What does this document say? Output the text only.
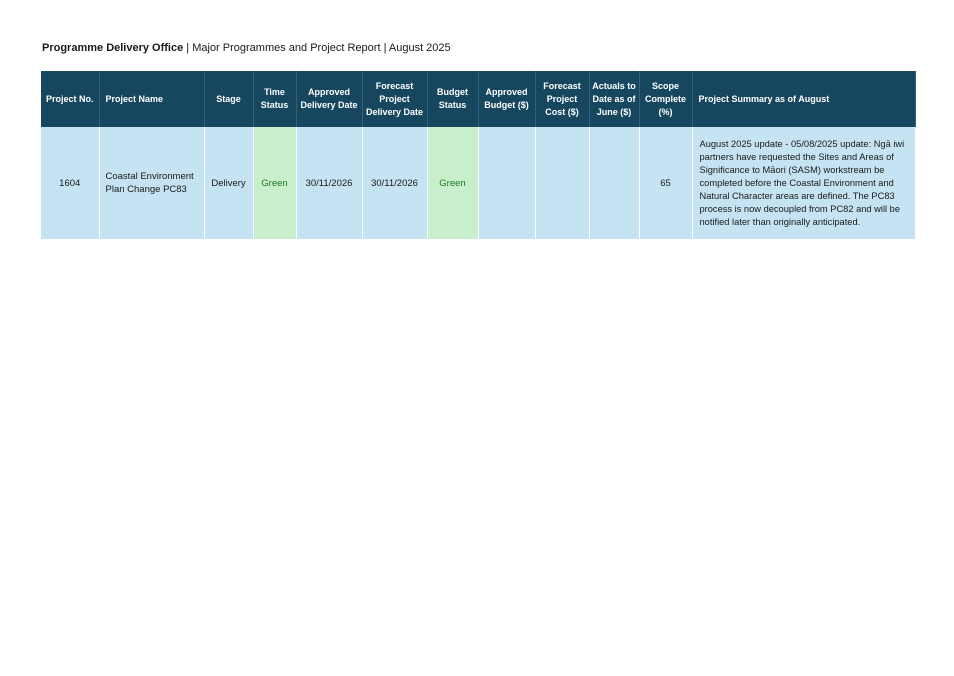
Programme Delivery Office | Major Programmes and Project Report | August 2025
Project No.	Project Name	Stage	Time Status	Approved Delivery Date	Forecast Project Delivery Date	Budget Status	Approved Budget ($)	Forecast Project Cost ($)	Actuals to Date as of June ($)	Scope Complete (%)	Project Summary as of August
1604	Coastal Environment Plan Change PC83	Delivery	Green	30/11/2026	30/11/2026	Green				65	August 2025 update - 05/08/2025 update: Ngā iwi partners have requested the Sites and Areas of Significance to Māori (SASM) workstream be completed before the Coastal Environment and Natural Character areas are defined. The PC83 process is now decoupled from PC82 and will be notified later than originally anticipated.
